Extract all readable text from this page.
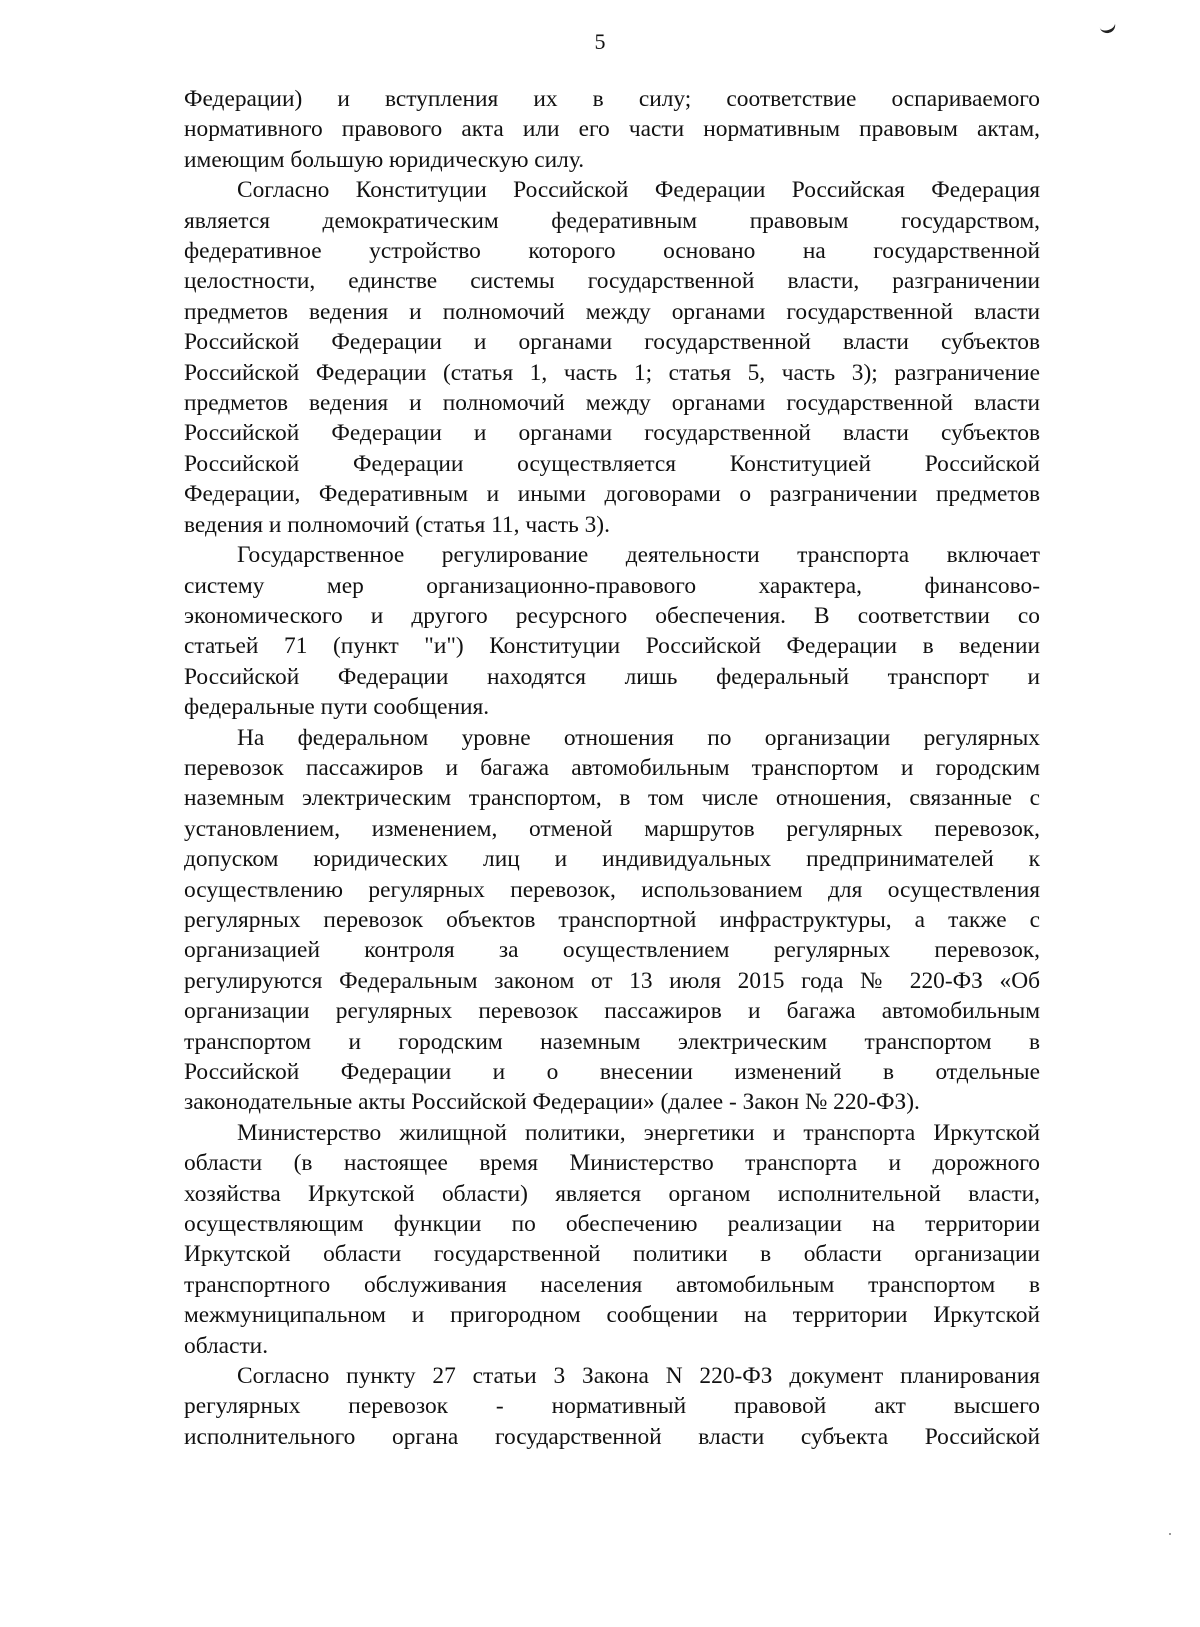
5
Федерации) и вступления их в силу; соответствие оспариваемого
нормативного правового акта или его части нормативным правовым актам,
имеющим большую юридическую силу.
Согласно Конституции Российской Федерации Российская Федерация
является демократическим федеративным правовым государством,
федеративное устройство которого основано на государственной
целостности, единстве системы государственной власти, разграничении
предметов ведения и полномочий между органами государственной власти
Российской Федерации и органами государственной власти субъектов
Российской Федерации (статья 1, часть 1; статья 5, часть 3); разграничение
предметов ведения и полномочий между органами государственной власти
Российской Федерации и органами государственной власти субъектов
Российской Федерации осуществляется Конституцией Российской
Федерации, Федеративным и иными договорами о разграничении предметов
ведения и полномочий (статья 11, часть 3).
Государственное регулирование деятельности транспорта включает
систему мер организационно-правового характера, финансово-
экономического и другого ресурсного обеспечения. В соответствии со
статьей 71 (пункт "и") Конституции Российской Федерации в ведении
Российской Федерации находятся лишь федеральный транспорт и
федеральные пути сообщения.
На федеральном уровне отношения по организации регулярных
перевозок пассажиров и багажа автомобильным транспортом и городским
наземным электрическим транспортом, в том числе отношения, связанные с
установлением, изменением, отменой маршрутов регулярных перевозок,
допуском юридических лиц и индивидуальных предпринимателей к
осуществлению регулярных перевозок, использованием для осуществления
регулярных перевозок объектов транспортной инфраструктуры, а также с
организацией контроля за осуществлением регулярных перевозок,
регулируются Федеральным законом от 13 июля 2015 года № 220-ФЗ «Об
организации регулярных перевозок пассажиров и багажа автомобильным
транспортом и городским наземным электрическим транспортом в
Российской Федерации и о внесении изменений в отдельные
законодательные акты Российской Федерации» (далее - Закон № 220-ФЗ).
Министерство жилищной политики, энергетики и транспорта Иркутской
области (в настоящее время Министерство транспорта и дорожного
хозяйства Иркутской области) является органом исполнительной власти,
осуществляющим функции по обеспечению реализации на территории
Иркутской области государственной политики в области организации
транспортного обслуживания населения автомобильным транспортом в
межмуниципальном и пригородном сообщении на территории Иркутской
области.
Согласно пункту 27 статьи 3 Закона N 220-ФЗ документ планирования
регулярных перевозок - нормативный правовой акт высшего
исполнительного органа государственной власти субъекта Российской
